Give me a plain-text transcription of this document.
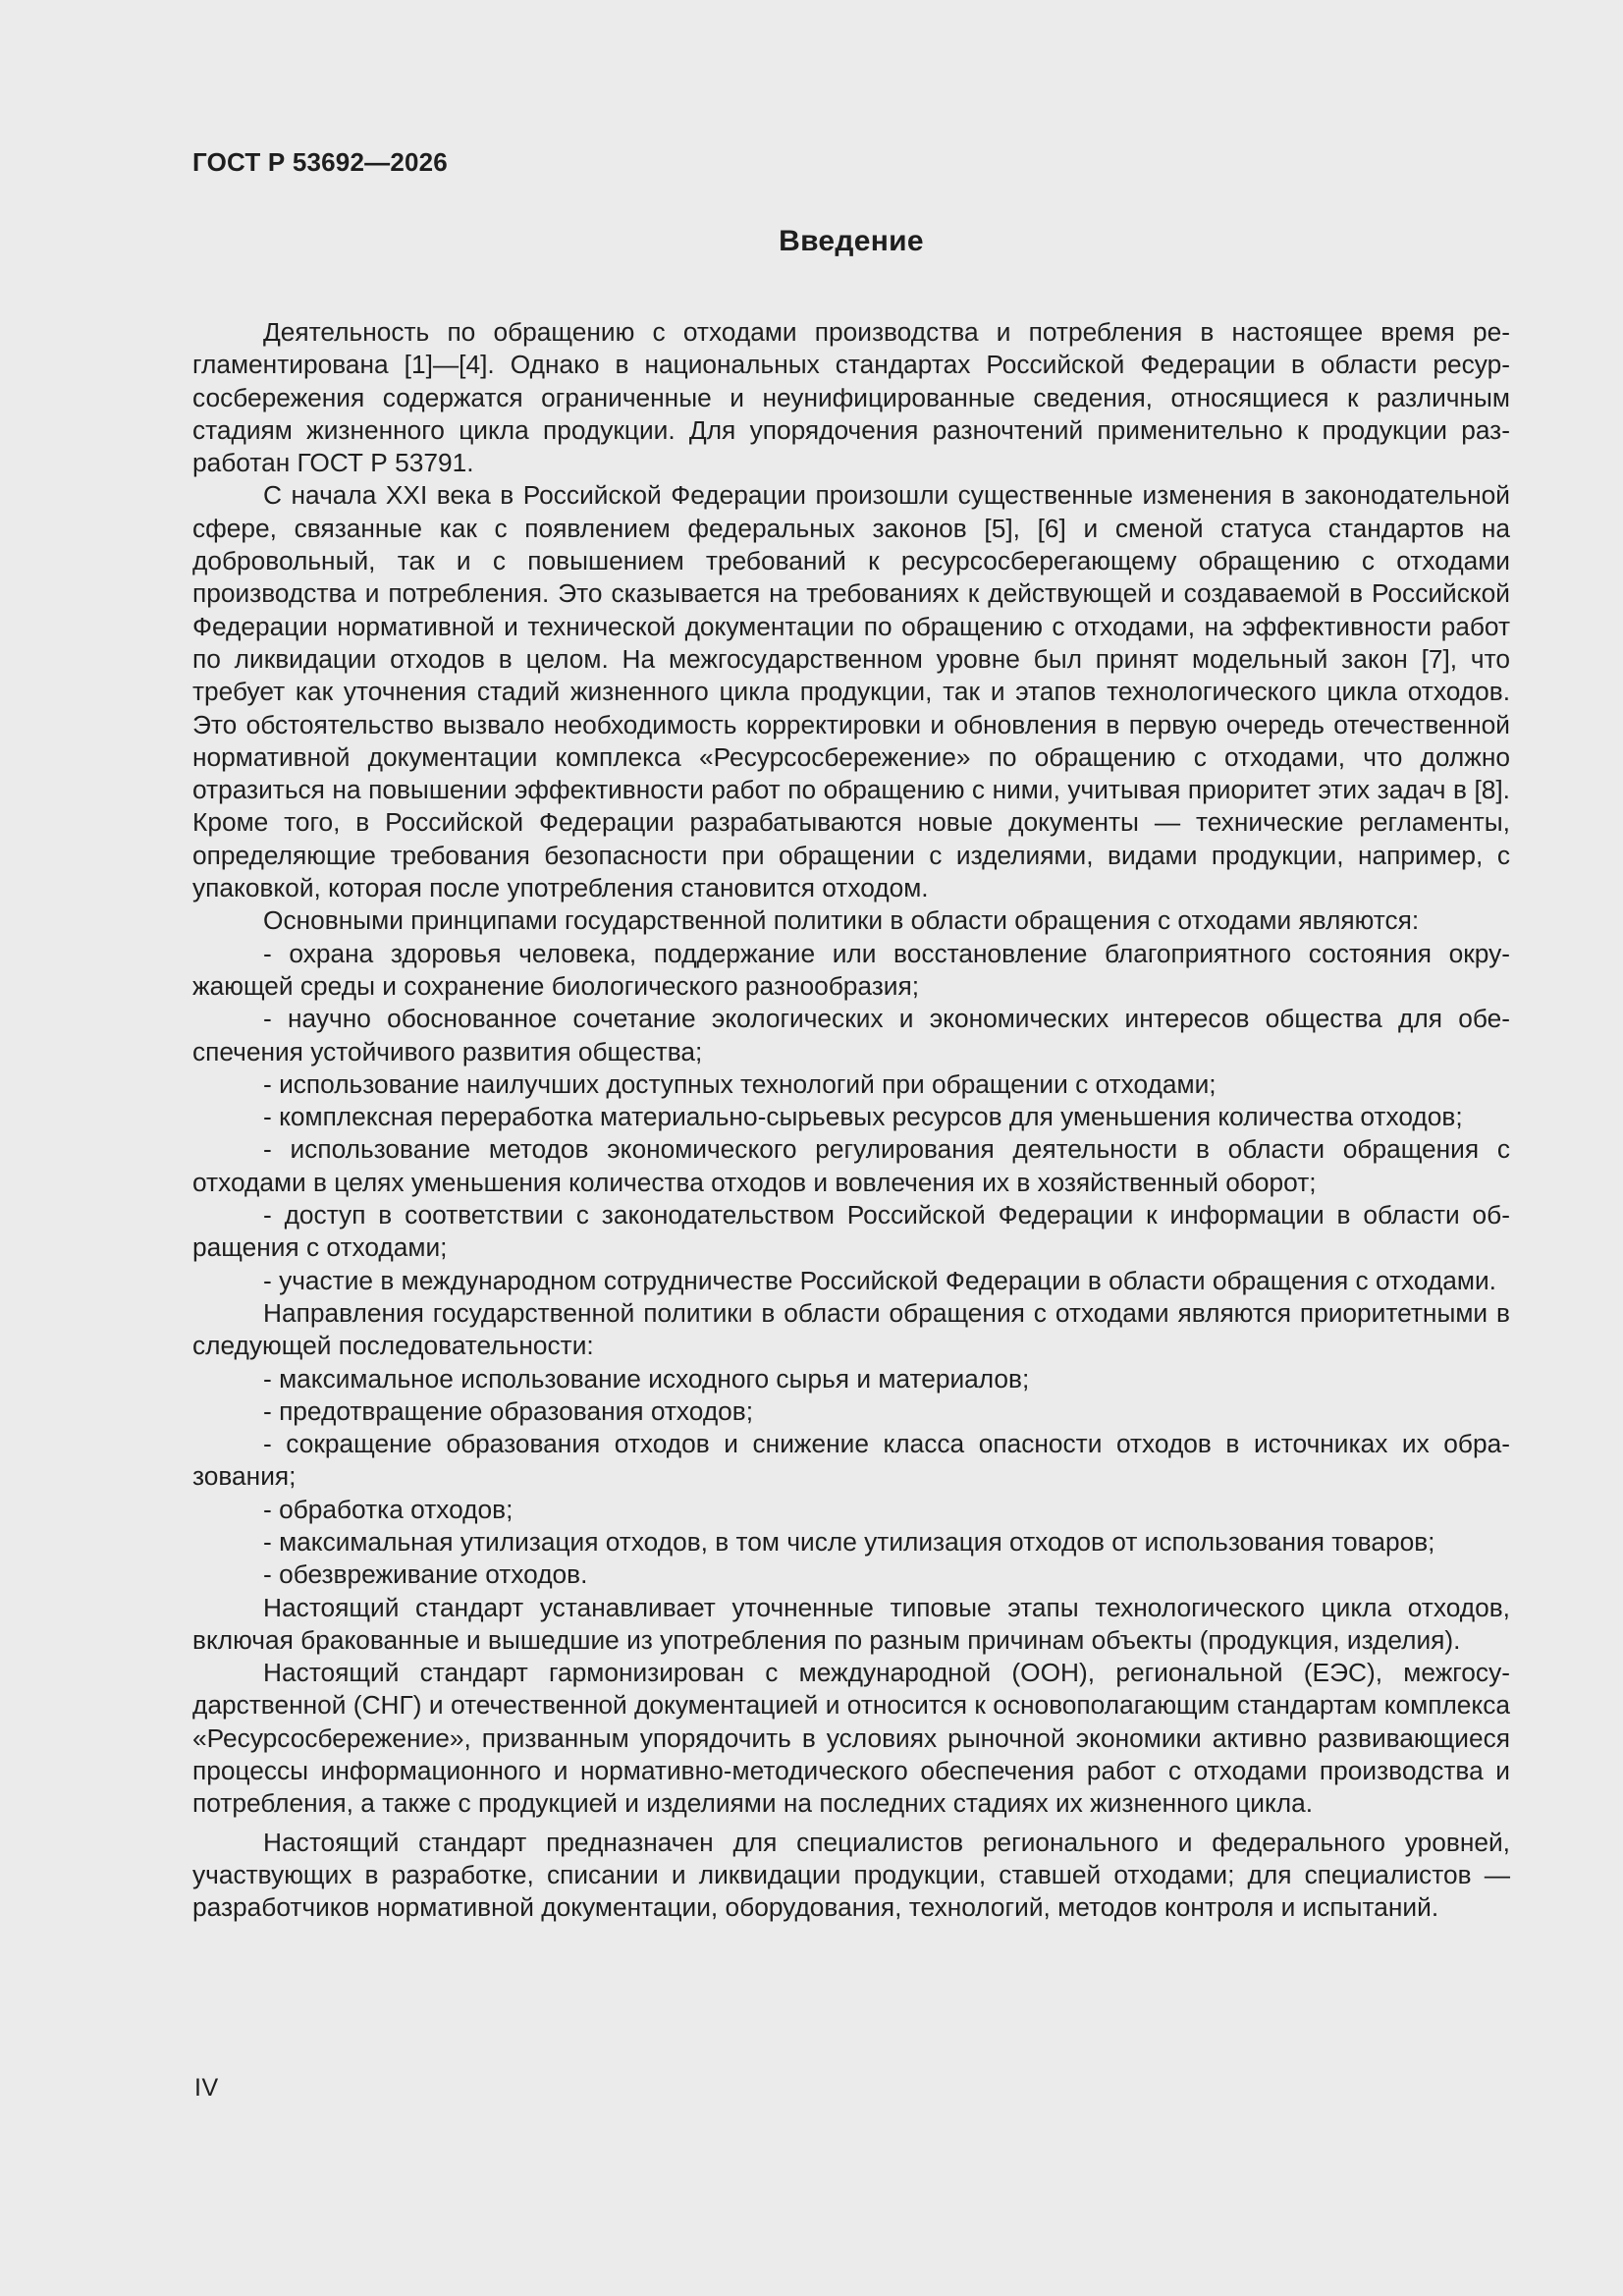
ГОСТ Р 53692—2026
Введение

Деятельность по обращению с отходами производства и потребления в настоящее время регламентирована [1]—[4]. Однако в национальных стандартах Российской Федерации в области ресурсосбережения содержатся ограниченные и неунифицированные сведения, относящиеся к различным стадиям жизненного цикла продукции. Для упорядочения разночтений применительно к продукции разработан ГОСТ Р 53791.

С начала XXI века в Российской Федерации произошли существенные изменения в законодательной сфере, связанные как с появлением федеральных законов [5], [6] и сменой статуса стандартов на добровольный, так и с повышением требований к ресурсосберегающему обращению с отходами производства и потребления. Это сказывается на требованиях к действующей и создаваемой в Российской Федерации нормативной и технической документации по обращению с отходами, на эффективности работ по ликвидации отходов в целом. На межгосударственном уровне был принят модельный закон [7], что требует как уточнения стадий жизненного цикла продукции, так и этапов технологического цикла отходов. Это обстоятельство вызвало необходимость корректировки и обновления в первую очередь отечественной нормативной документации комплекса «Ресурсосбережение» по обращению с отходами, что должно отразиться на повышении эффективности работ по обращению с ними, учитывая приоритет этих задач в [8]. Кроме того, в Российской Федерации разрабатываются новые документы — технические регламенты, определяющие требования безопасности при обращении с изделиями, видами продукции, например, с упаковкой, которая после употребления становится отходом.

Основными принципами государственной политики в области обращения с отходами являются:

- охрана здоровья человека, поддержание или восстановление благоприятного состояния окружающей среды и сохранение биологического разнообразия;

- научно обоснованное сочетание экологических и экономических интересов общества для обеспечения устойчивого развития общества;

- использование наилучших доступных технологий при обращении с отходами;

- комплексная переработка материально-сырьевых ресурсов для уменьшения количества отходов;

- использование методов экономического регулирования деятельности в области обращения с отходами в целях уменьшения количества отходов и вовлечения их в хозяйственный оборот;

- доступ в соответствии с законодательством Российской Федерации к информации в области обращения с отходами;

- участие в международном сотрудничестве Российской Федерации в области обращения с отходами.

Направления государственной политики в области обращения с отходами являются приоритетными в следующей последовательности:

- максимальное использование исходного сырья и материалов;

- предотвращение образования отходов;

- сокращение образования отходов и снижение класса опасности отходов в источниках их образования;

- обработка отходов;

- максимальная утилизация отходов, в том числе утилизация отходов от использования товаров;

- обезвреживание отходов.

Настоящий стандарт устанавливает уточненные типовые этапы технологического цикла отходов, включая бракованные и вышедшие из употребления по разным причинам объекты (продукция, изделия).

Настоящий стандарт гармонизирован с международной (ООН), региональной (ЕЭС), межгосударственной (СНГ) и отечественной документацией и относится к основополагающим стандартам комплекса «Ресурсосбережение», призванным упорядочить в условиях рыночной экономики активно развивающиеся процессы информационного и нормативно-методического обеспечения работ с отходами производства и потребления, а также с продукцией и изделиями на последних стадиях их жизненного цикла.

Настоящий стандарт предназначен для специалистов регионального и федерального уровней, участвующих в разработке, списании и ликвидации продукции, ставшей отходами; для специалистов — разработчиков нормативной документации, оборудования, технологий, методов контроля и испытаний.

IV
